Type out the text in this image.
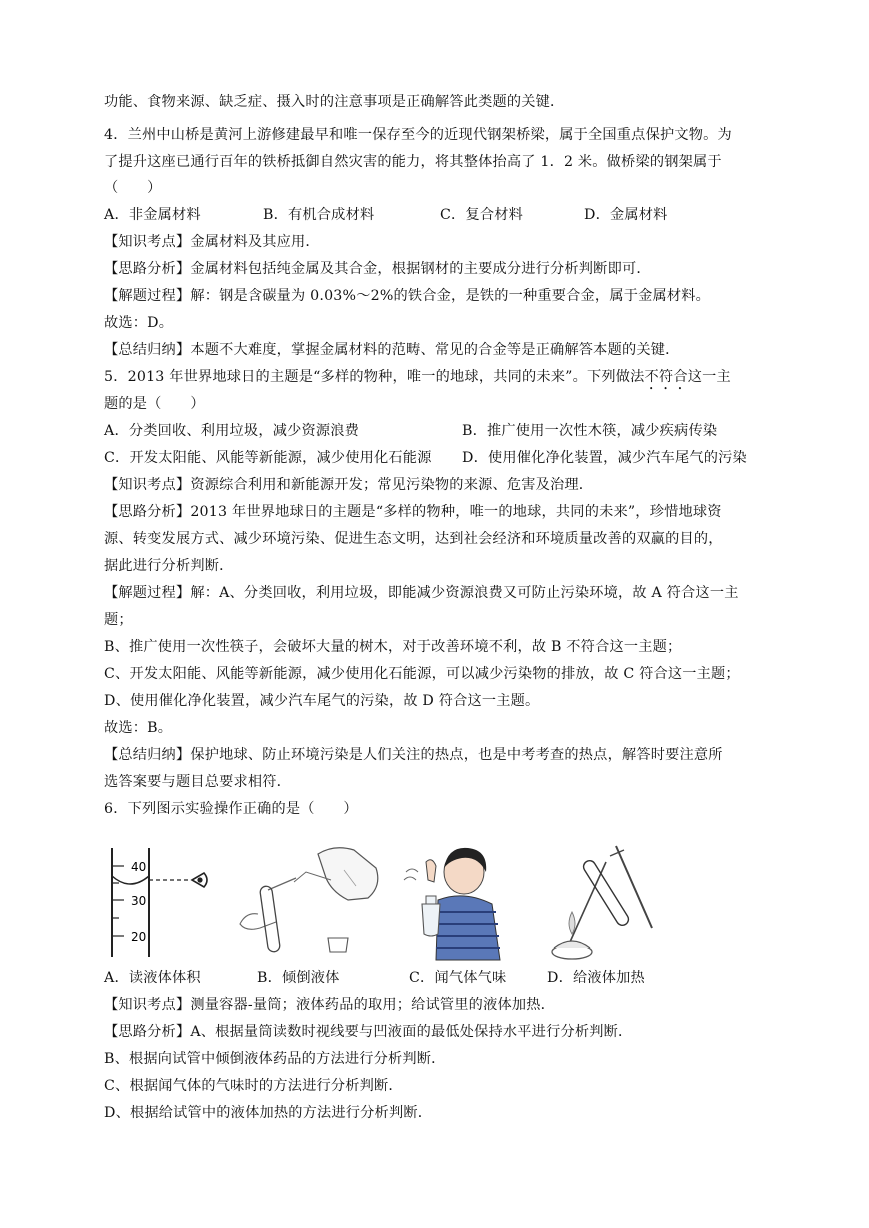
功能、食物来源、缺乏症、摄入时的注意事项是正确解答此类题的关键．
4．兰州中山桥是黄河上游修建最早和唯一保存至今的近现代钢架桥梁，属于全国重点保护文物。为
了提升这座已通行百年的铁桥抵御自然灾害的能力，将其整体抬高了 1．2 米。做桥梁的钢架属于
（　　）
A．非金属材料	B．有机合成材料	C．复合材料	D．金属材料
【知识考点】金属材料及其应用．
【思路分析】金属材料包括纯金属及其合金，根据钢材的主要成分进行分析判断即可．
【解题过程】解：钢是含碳量为 0.03%～2%的铁合金，是铁的一种重要合金，属于金属材料。
故选：D。
【总结归纳】本题不大难度，掌握金属材料的范畴、常见的合金等是正确解答本题的关键．
5．2013 年世界地球日的主题是“多样的物种，唯一的地球，共同的未来”。下列做法不符合这一主
题的是（　　）
A．分类回收、利用垃圾，减少资源浪费	B．推广使用一次性木筷，减少疾病传染
C．开发太阳能、风能等新能源，减少使用化石能源 D．使用催化净化装置，减少汽车尾气的污染
【知识考点】资源综合利用和新能源开发；常见污染物的来源、危害及治理．
【思路分析】2013 年世界地球日的主题是“多样的物种，唯一的地球，共同的未来”，珍惜地球资
源、转变发展方式、减少环境污染、促进生态文明，达到社会经济和环境质量改善的双赢的目的，
据此进行分析判断．
【解题过程】解：A、分类回收，利用垃圾，即能减少资源浪费又可防止污染环境，故 A 符合这一主
题；
B、推广使用一次性筷子，会破坏大量的树木，对于改善环境不利，故 B 不符合这一主题；
C、开发太阳能、风能等新能源，减少使用化石能源，可以减少污染物的排放，故 C 符合这一主题；
D、使用催化净化装置，减少汽车尾气的污染，故 D 符合这一主题。
故选：B。
【总结归纳】保护地球、防止环境污染是人们关注的热点，也是中考考查的热点，解答时要注意所
选答案要与题目总要求相符．
6．下列图示实验操作正确的是（　　）
40
30
20
A．读液体体积	B．倾倒液体	C．闻气体气味	D．给液体加热
【知识考点】测量容器-量筒；液体药品的取用；给试管里的液体加热．
【思路分析】A、根据量筒读数时视线要与凹液面的最低处保持水平进行分析判断．
B、根据向试管中倾倒液体药品的方法进行分析判断．
C、根据闻气体的气味时的方法进行分析判断．
D、根据给试管中的液体加热的方法进行分析判断．
